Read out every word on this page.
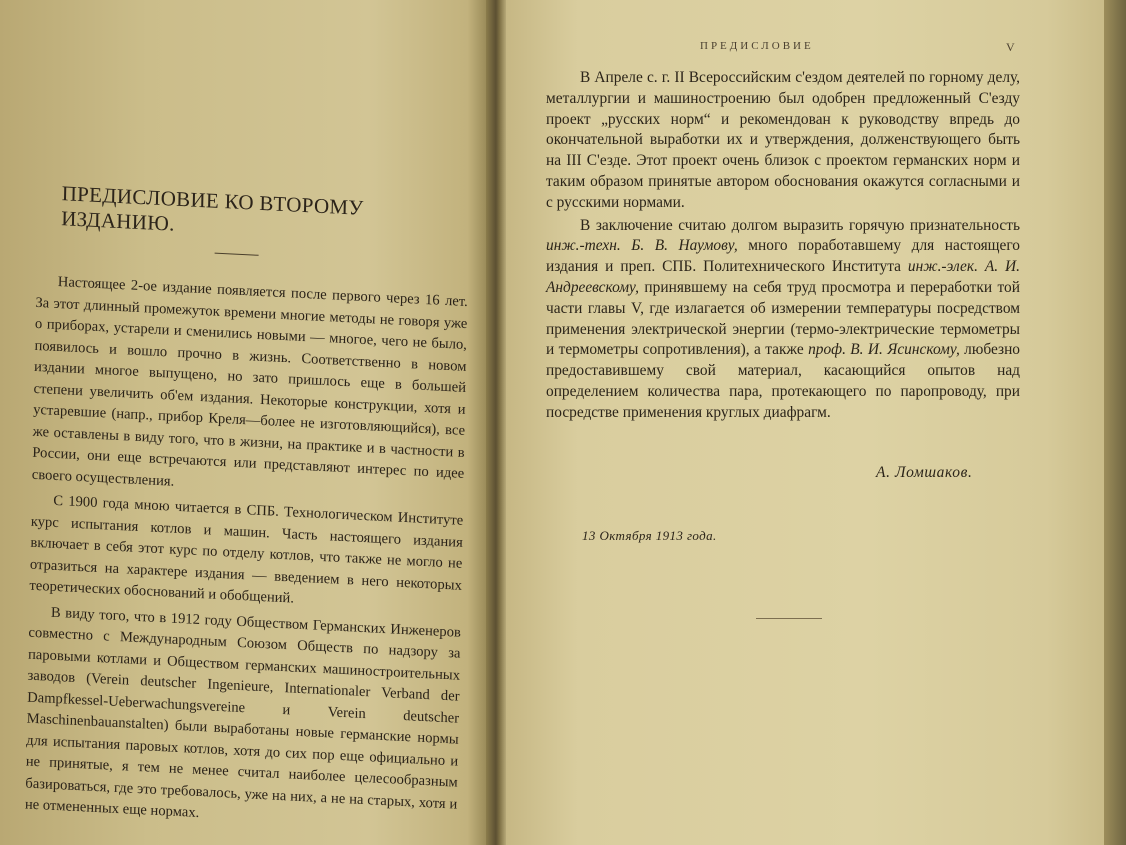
ПРЕДИСЛОВИЕ КО ВТОРОМУ ИЗДАНИЮ.

Настоящее 2-ое издание появляется после первого через 16 лет. За этот длинный промежуток времени многие методы не говоря уже о приборах, устарели и сменились новыми — многое, чего не было, появилось и вошло прочно в жизнь. Соответственно в новом издании многое выпущено, но зато пришлось еще в большей степени увеличить об'ем издания. Некоторые конструкции, хотя и устаревшие (напр., прибор Креля—более не изготовляющийся), все же оставлены в виду того, что в жизни, на практике и в частности в России, они еще встречаются или представляют интерес по идее своего осуществления.

С 1900 года мною читается в СПБ. Технологическом Институте курс испытания котлов и машин. Часть настоящего издания включает в себя этот курс по отделу котлов, что также не могло не отразиться на характере издания — введением в него некоторых теоретических обоснований и обобщений.

В виду того, что в 1912 году Обществом Германских Инженеров совместно с Международным Союзом Обществ по надзору за паровыми котлами и Обществом германских машиностроительных заводов (Verein deutscher Ingenieure, Internationaler Verband der Dampfkessel-Ueberwachungsvereine и Verein deutscher Maschinenbauanstalten) были выработаны новые германские нормы для испытания паровых котлов, хотя до сих пор еще официально и не принятые, я тем не менее считал наиболее целесообразным базироваться, где это требовалось, уже на них, а не на старых, хотя и не отмененных еще нормах.

ПРЕДИСЛОВИЕ	V

В Апреле с. г. II Всероссийским с'ездом деятелей по горному делу, металлургии и машиностроению был одобрен предложенный С'езду проект „русских норм“ и рекомендован к руководству впредь до окончательной выработки их и утверждения, долженствующего быть на III С'езде. Этот проект очень близок с проектом германских норм и таким образом принятые автором обоснования окажутся согласными и с русскими нормами.

В заключение считаю долгом выразить горячую признательность инж.-техн. Б. В. Наумову, много поработавшему для настоящего издания и преп. СПБ. Политехнического Института инж.-элек. А. И. Андреевскому, принявшему на себя труд просмотра и переработки той части главы V, где излагается об измерении температуры посредством применения электрической энергии (термо-электрические термометры и термометры сопротивления), а также проф. В. И. Ясинскому, любезно предоставившему свой материал, касающийся опытов над определением количества пара, протекающего по паропроводу, при посредстве применения круглых диафрагм.

А. Ломшаков.
13 Октября 1913 года.
